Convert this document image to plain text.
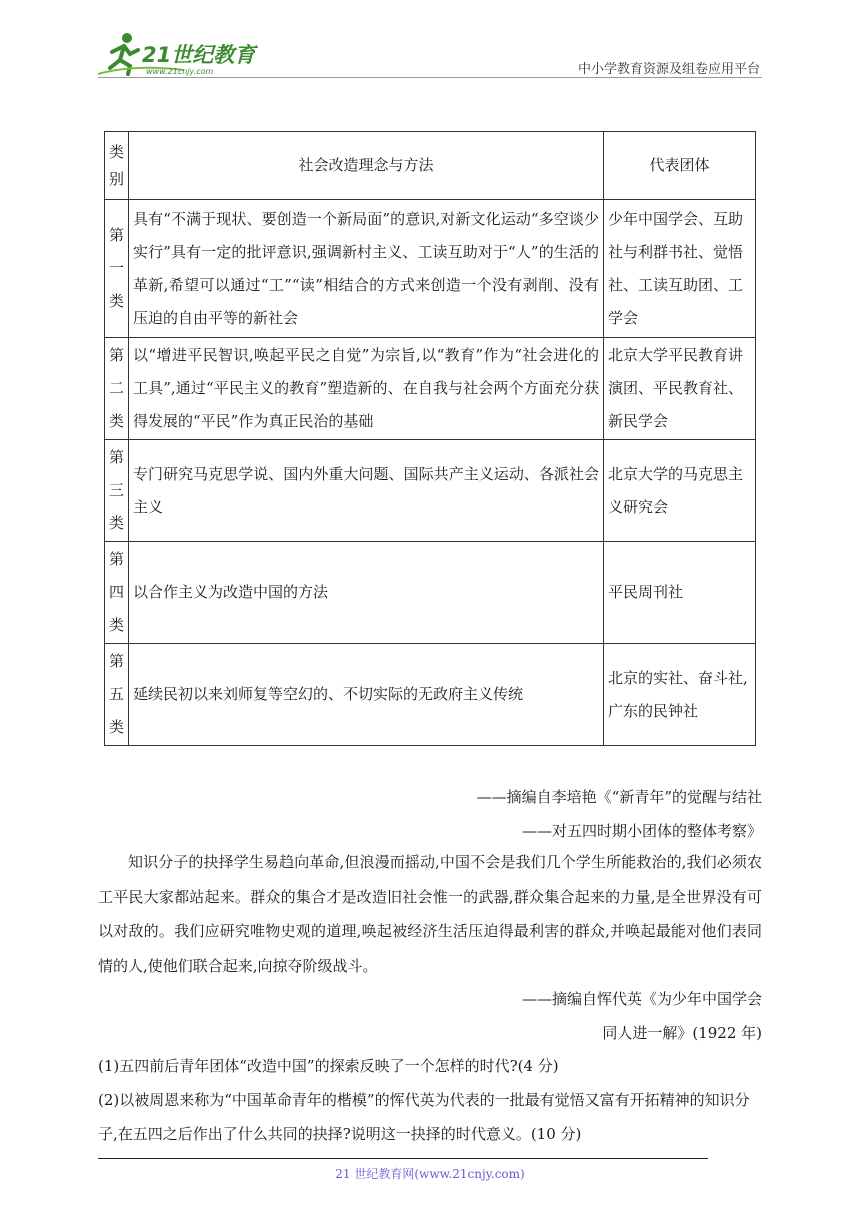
21世纪教育
www.21cnjy.com	中小学教育资源及组卷应用平台
类别	社会改造理念与方法	代表团体

第
一
类	具有“不满于现状、要创造一个新局面”的意识,对新文化运动“多空谈少实行”具有一定的批评意识,强调新村主义、工读互助对于“人”的生活的革新,希望可以通过“工”“读”相结合的方式来创造一个没有剥削、没有压迫的自由平等的新社会	少年中国学会、互助社与利群书社、觉悟社、工读互助团、工学会

第
二
类	以“增进平民智识,唤起平民之自觉”为宗旨,以“教育”作为“社会进化的工具”,通过“平民主义的教育”塑造新的、在自我与社会两个方面充分获得发展的“平民”作为真正民治的基础	北京大学平民教育讲演团、平民教育社、新民学会

第
三
类	专门研究马克思学说、国内外重大问题、国际共产主义运动、各派社会主义	北京大学的马克思主义研究会

第
四
类	以合作主义为改造中国的方法	平民周刊社

第
五
类	延续民初以来刘师复等空幻的、不切实际的无政府主义传统	北京的实社、奋斗社,广东的民钟社
——摘编自李培艳《“新青年”的觉醒与结社
——对五四时期小团体的整体考察》

知识分子的抉择学生易趋向革命,但浪漫而摇动,中国不会是我们几个学生所能救治的,我们必须农工平民大家都站起来。群众的集合才是改造旧社会惟一的武器,群众集合起来的力量,是全世界没有可以对敌的。我们应研究唯物史观的道理,唤起被经济生活压迫得最利害的群众,并唤起最能对他们表同情的人,使他们联合起来,向掠夺阶级战斗。

——摘编自恽代英《为少年中国学会
同人进一解》(1922 年)

(1)五四前后青年团体“改造中国”的探索反映了一个怎样的时代?(4 分)

(2)以被周恩来称为“中国革命青年的楷模”的恽代英为代表的一批最有觉悟又富有开拓精神的知识分子,在五四之后作出了什么共同的抉择?说明这一抉择的时代意义。(10 分)

21 世纪教育网(www.21cnjy.com)
